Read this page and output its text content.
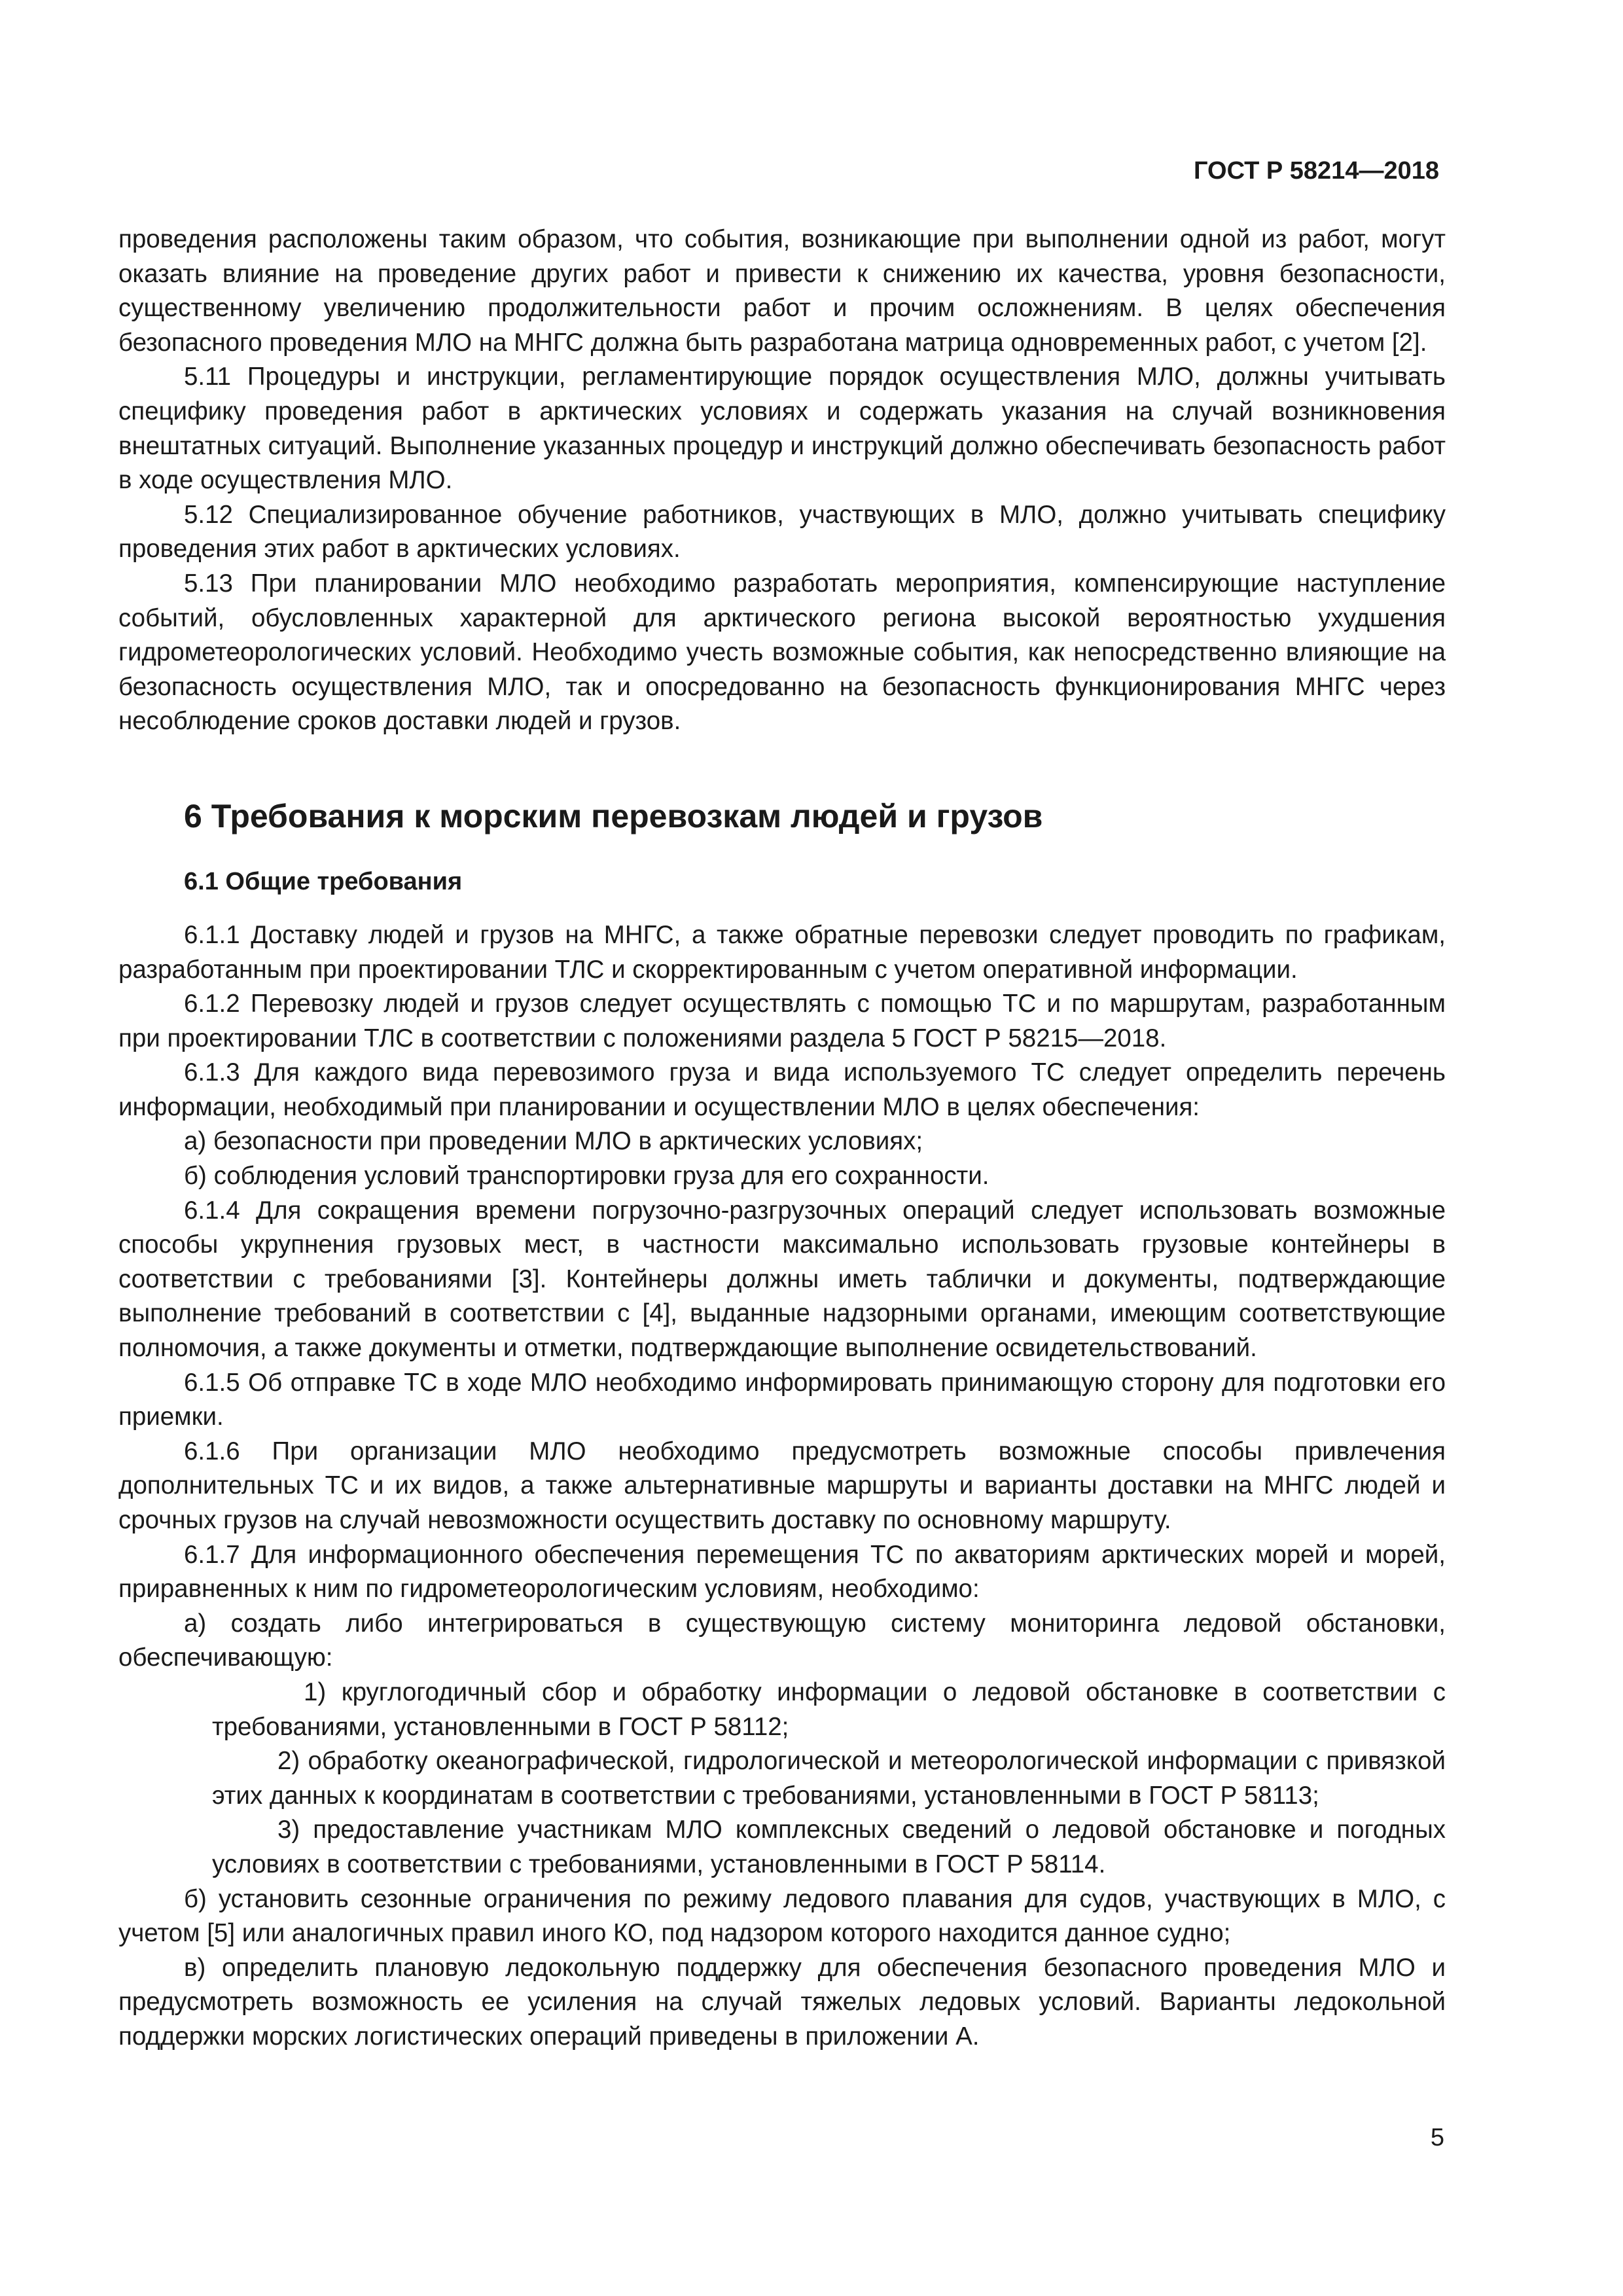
ГОСТ Р 58214—2018

проведения расположены таким образом, что события, возникающие при выполнении одной из работ, могут оказать влияние на проведение других работ и привести к снижению их качества, уровня безопасности, существенному увеличению продолжительности работ и прочим осложнениям. В целях обеспечения безопасного проведения МЛО на МНГС должна быть разработана матрица одновременных работ, с учетом [2].

5.11 Процедуры и инструкции, регламентирующие порядок осуществления МЛО, должны учитывать специфику проведения работ в арктических условиях и содержать указания на случай возникновения внештатных ситуаций. Выполнение указанных процедур и инструкций должно обеспечивать безопасность работ в ходе осуществления МЛО.

5.12 Специализированное обучение работников, участвующих в МЛО, должно учитывать специфику проведения этих работ в арктических условиях.

5.13 При планировании МЛО необходимо разработать мероприятия, компенсирующие наступление событий, обусловленных характерной для арктического региона высокой вероятностью ухудшения гидрометеорологических условий. Необходимо учесть возможные события, как непосредственно влияющие на безопасность осуществления МЛО, так и опосредованно на безопасность функционирования МНГС через несоблюдение сроков доставки людей и грузов.

6 Требования к морским перевозкам людей и грузов
6.1 Общие требования

6.1.1 Доставку людей и грузов на МНГС, а также обратные перевозки следует проводить по графикам, разработанным при проектировании ТЛС и скорректированным с учетом оперативной информации.

6.1.2 Перевозку людей и грузов следует осуществлять с помощью ТС и по маршрутам, разработанным при проектировании ТЛС в соответствии с положениями раздела 5 ГОСТ Р 58215—2018.

6.1.3 Для каждого вида перевозимого груза и вида используемого ТС следует определить перечень информации, необходимый при планировании и осуществлении МЛО в целях обеспечения:

а) безопасности при проведении МЛО в арктических условиях;

б) соблюдения условий транспортировки груза для его сохранности.

6.1.4 Для сокращения времени погрузочно-разгрузочных операций следует использовать возможные способы укрупнения грузовых мест, в частности максимально использовать грузовые контейнеры в соответствии с требованиями [3]. Контейнеры должны иметь таблички и документы, подтверждающие выполнение требований в соответствии с [4], выданные надзорными органами, имеющим соответствующие полномочия, а также документы и отметки, подтверждающие выполнение освидетельствований.

6.1.5 Об отправке ТС в ходе МЛО необходимо информировать принимающую сторону для подготовки его приемки.

6.1.6 При организации МЛО необходимо предусмотреть возможные способы привлечения дополнительных ТС и их видов, а также альтернативные маршруты и варианты доставки на МНГС людей и срочных грузов на случай невозможности осуществить доставку по основному маршруту.

6.1.7 Для информационного обеспечения перемещения ТС по акваториям арктических морей и морей, приравненных к ним по гидрометеорологическим условиям, необходимо:

а) создать либо интегрироваться в существующую систему мониторинга ледовой обстановки, обеспечивающую:

1) круглогодичный сбор и обработку информации о ледовой обстановке в соответствии с требованиями, установленными в ГОСТ Р 58112;

2) обработку океанографической, гидрологической и метеорологической информации с привязкой этих данных к координатам в соответствии с требованиями, установленными в ГОСТ Р 58113;

3) предоставление участникам МЛО комплексных сведений о ледовой обстановке и погодных условиях в соответствии с требованиями, установленными в ГОСТ Р 58114.

б) установить сезонные ограничения по режиму ледового плавания для судов, участвующих в МЛО, с учетом [5] или аналогичных правил иного КО, под надзором которого находится данное судно;

в) определить плановую ледокольную поддержку для обеспечения безопасного проведения МЛО и предусмотреть возможность ее усиления на случай тяжелых ледовых условий. Варианты ледокольной поддержки морских логистических операций приведены в приложении А.

5
